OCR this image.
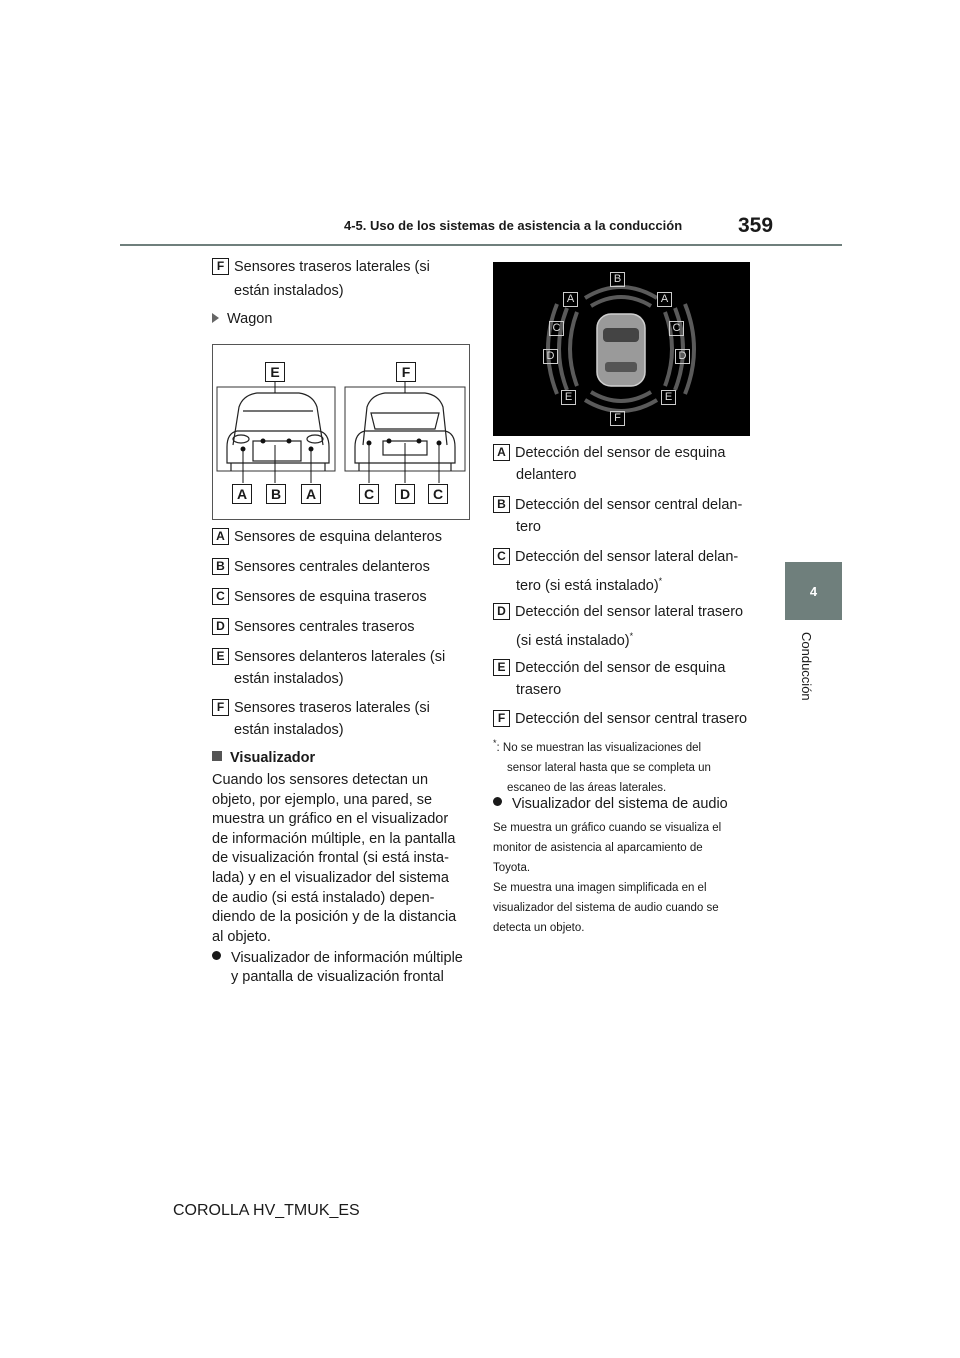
4-5. Uso de los sistemas de asistencia a la conducción	359
4
Conducción
F Sensores traseros laterales (si
están instalados)
Wagon
E	F
A	B	A	C	D	C
A Sensores de esquina delanteros
B Sensores centrales delanteros
C Sensores de esquina traseros
D Sensores centrales traseros
E Sensores delanteros laterales (si
están instalados)
F Sensores traseros laterales (si
están instalados)
Visualizador
Cuando los sensores detectan un
objeto, por ejemplo, una pared, se
muestra un gráfico en el visualizador
de información múltiple, en la pantalla
de visualización frontal (si está insta-
lada) y en el visualizador del sistema
de audio (si está instalado) depen-
diendo de la posición y de la distancia
al objeto.
Visualizador de información múltiple
y pantalla de visualización frontal
B
A	A
C	C
D	D
E	E
F
A Detección del sensor de esquina
delantero
B Detección del sensor central delan-
tero
C Detección del sensor lateral delan-
tero (si está instalado)*
D Detección del sensor lateral trasero
(si está instalado)*
E Detección del sensor de esquina
trasero
F Detección del sensor central trasero
*: No se muestran las visualizaciones del
sensor lateral hasta que se completa un
escaneo de las áreas laterales.
Visualizador del sistema de audio
Se muestra un gráfico cuando se visualiza el
monitor de asistencia al aparcamiento de
Toyota.
Se muestra una imagen simplificada en el
visualizador del sistema de audio cuando se
detecta un objeto.
COROLLA HV_TMUK_ES
